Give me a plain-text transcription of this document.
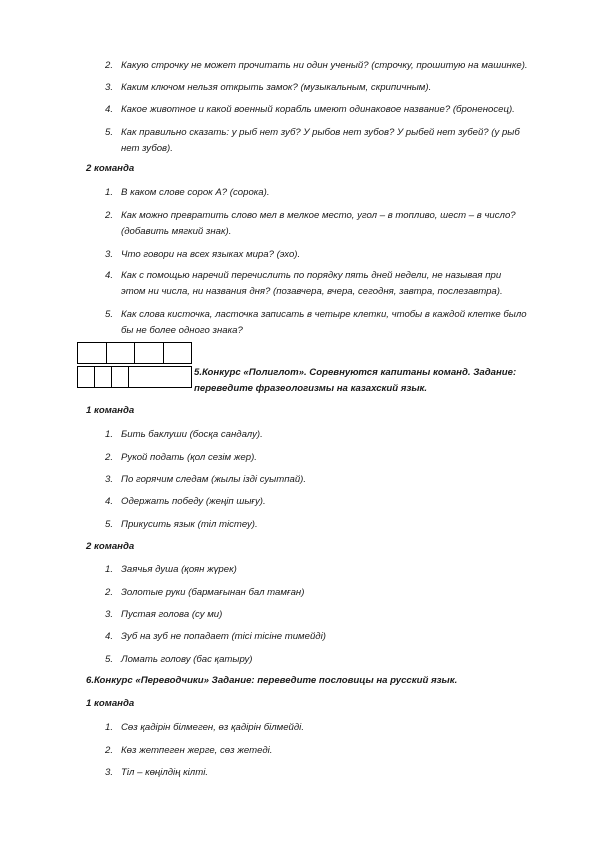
2. Какую строчку не может прочитать ни один ученый? (строчку, прошитую на машинке).
3. Каким ключом нельзя открыть замок? (музыкальным, скрипичным).
4. Какое животное и какой военный корабль имеют одинаковое название? (броненосец).
5. Как правильно сказать: у рыб нет зуб? У рыбов нет зубов? У рыбей нет зубей? (у рыб
нет зубов).
2 команда
1. В каком слове сорок А? (сорока).
2. Как можно превратить слово мел в мелкое место, угол – в топливо, шест – в число?
(добавить мягкий знак).
3. Что говори на всех языках мира? (эхо).
4. Как с помощью наречий перечислить по порядку пять дней недели, не называя при
этом ни числа, ни названия дня? (позавчера, вчера, сегодня, завтра, послезавтра).
5. Как слова кисточка, ласточка записать в четыре клетки, чтобы в каждой клетке было
бы не более одного знака?

5.Конкурс «Полиглот». Соревнуются капитаны команд. Задание:
переведите фразеологизмы на казахский язык.
1 команда
1. Бить баклуши (босқа сандалу).
2. Рукой подать (қол сезім жер).
3. По горячим следам (жылы ізді суытпай).
4. Одержать победу (жеңіп шығу).
5. Прикусить язык (тіл тістеу).
2 команда
1. Заячья душа (қоян жүрек)
2. Золотые руки (бармағынан бал тамған)
3. Пустая голова (су ми)
4. Зуб на зуб не попадает (тісі тісіне тимейді)
5. Ломать голову (бас қатыру)
6.Конкурс «Переводчики» Задание: переведите пословицы на русский язык.
1 команда
1. Сөз қадірін білмеген, өз қадірін білмейді.
2. Көз жетпеген жерге, сөз жетеді.
3. Тіл – көңілдің кілті.
